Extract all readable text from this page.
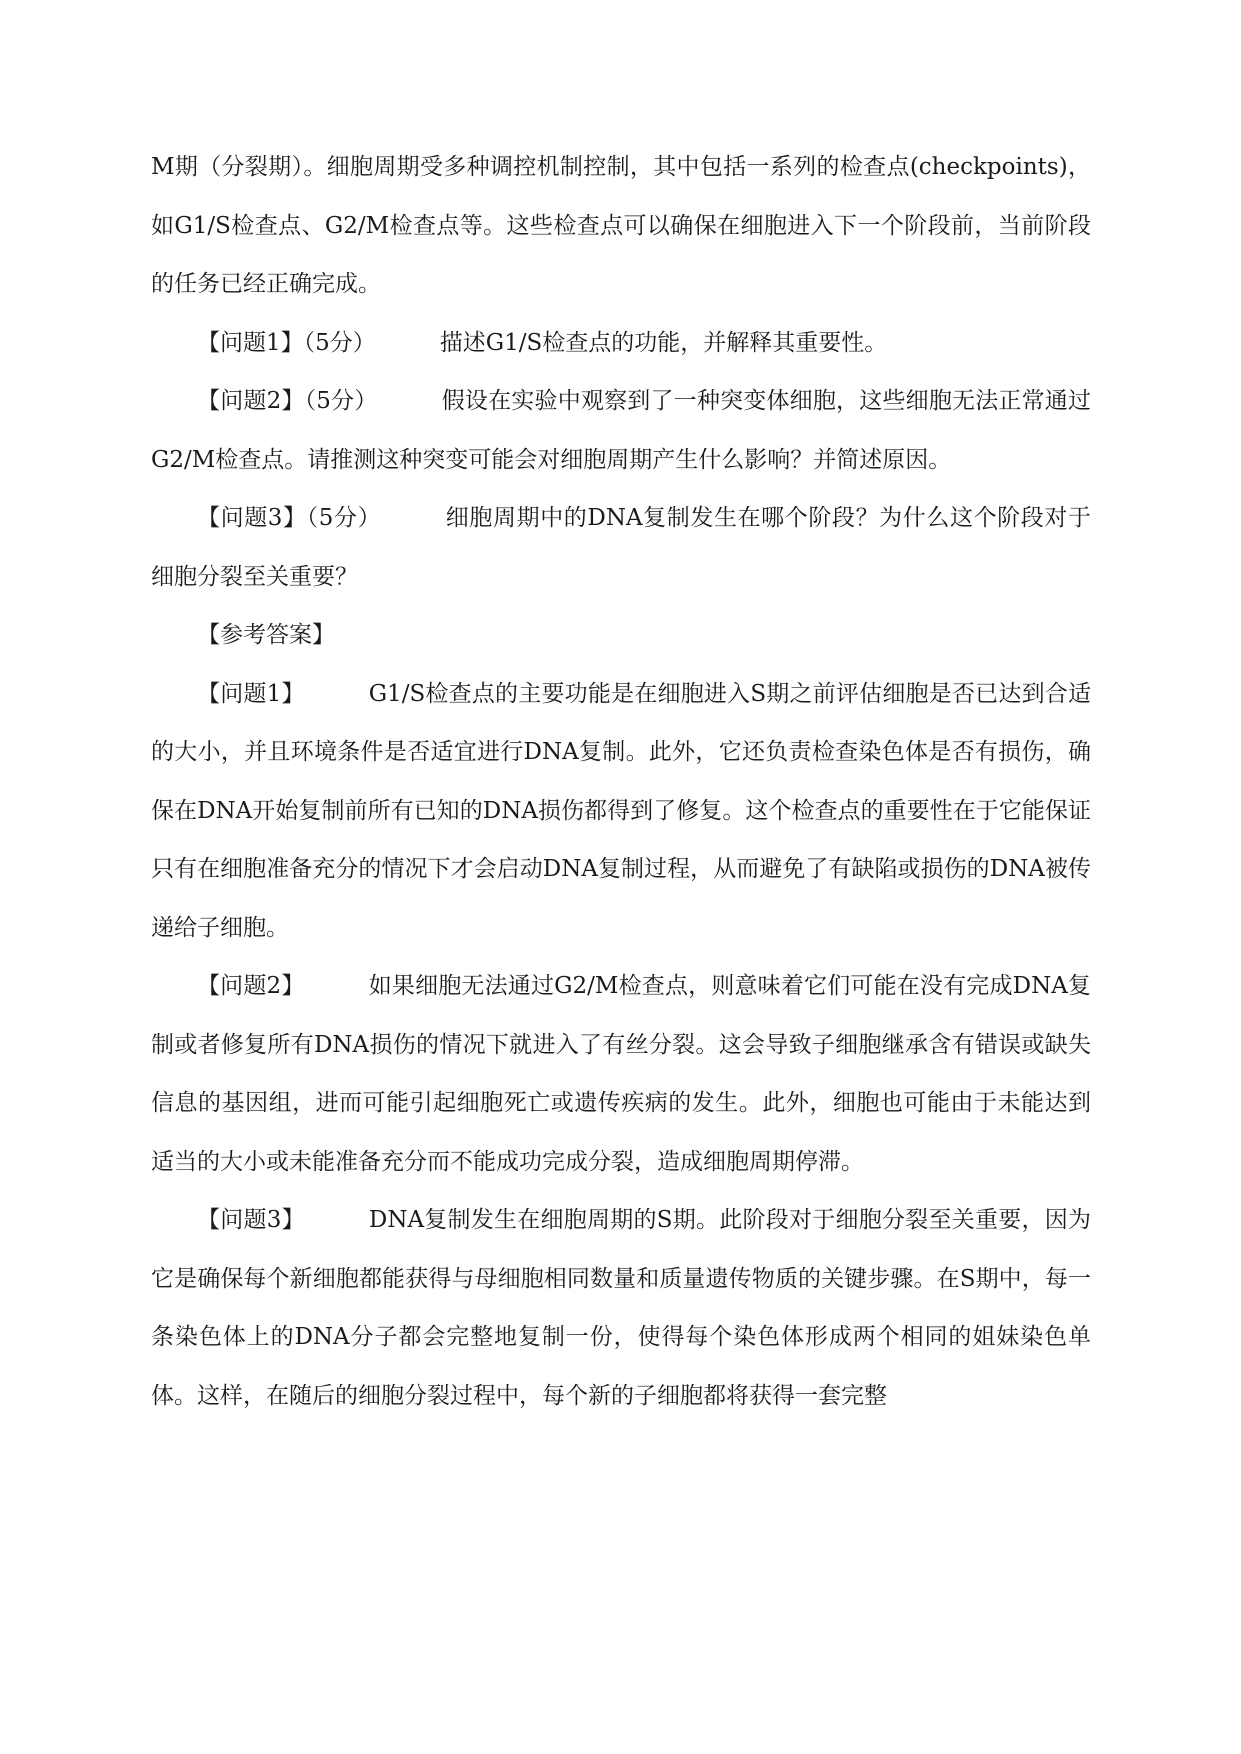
M期（分裂期）。细胞周期受多种调控机制控制，其中包括一系列的检查点(checkpoints)，如G1/S检查点、G2/M检查点等。这些检查点可以确保在细胞进入下一个阶段前，当前阶段的任务已经正确完成。

【问题1】（5分）	描述G1/S检查点的功能，并解释其重要性。

【问题2】（5分）	假设在实验中观察到了一种突变体细胞，这些细胞无法正常通过G2/M检查点。请推测这种突变可能会对细胞周期产生什么影响？并简述原因。

【问题3】（5分）	细胞周期中的DNA复制发生在哪个阶段？为什么这个阶段对于细胞分裂至关重要？

【参考答案】

【问题1】	G1/S检查点的主要功能是在细胞进入S期之前评估细胞是否已达到合适的大小，并且环境条件是否适宜进行DNA复制。此外，它还负责检查染色体是否有损伤，确保在DNA开始复制前所有已知的DNA损伤都得到了修复。这个检查点的重要性在于它能保证只有在细胞准备充分的情况下才会启动DNA复制过程，从而避免了有缺陷或损伤的DNA被传递给子细胞。

【问题2】	如果细胞无法通过G2/M检查点，则意味着它们可能在没有完成DNA复制或者修复所有DNA损伤的情况下就进入了有丝分裂。这会导致子细胞继承含有错误或缺失信息的基因组，进而可能引起细胞死亡或遗传疾病的发生。此外，细胞也可能由于未能达到适当的大小或未能准备充分而不能成功完成分裂，造成细胞周期停滞。

【问题3】	DNA复制发生在细胞周期的S期。此阶段对于细胞分裂至关重要，因为它是确保每个新细胞都能获得与母细胞相同数量和质量遗传物质的关键步骤。在S期中，每一条染色体上的DNA分子都会完整地复制一份，使得每个染色体形成两个相同的姐妹染色单体。这样，在随后的细胞分裂过程中，每个新的子细胞都将获得一套完整
